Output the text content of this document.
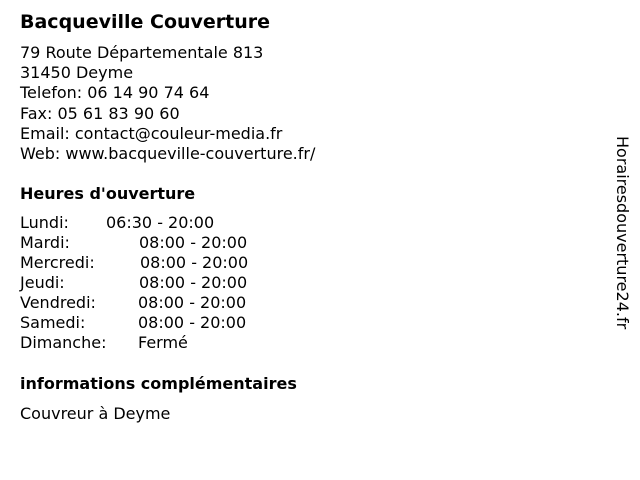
Bacqueville Couverture
79 Route Départementale 813
31450 Deyme
Telefon: 06 14 90 74 64
Fax: 05 61 83 90 60
Email: contact@couleur-media.fr
Web: www.bacqueville-couverture.fr/
Heures d'ouverture
Lundi: 06:30 - 20:00
Mardi:	08:00 - 20:00
Mercredi:	08:00 - 20:00
Jeudi:	08:00 - 20:00
Vendredi:	08:00 - 20:00
Samedi:	08:00 - 20:00
Dimanche: Fermé
informations complémentaires
Couvreur à Deyme
Horairesdouverture24.fr
